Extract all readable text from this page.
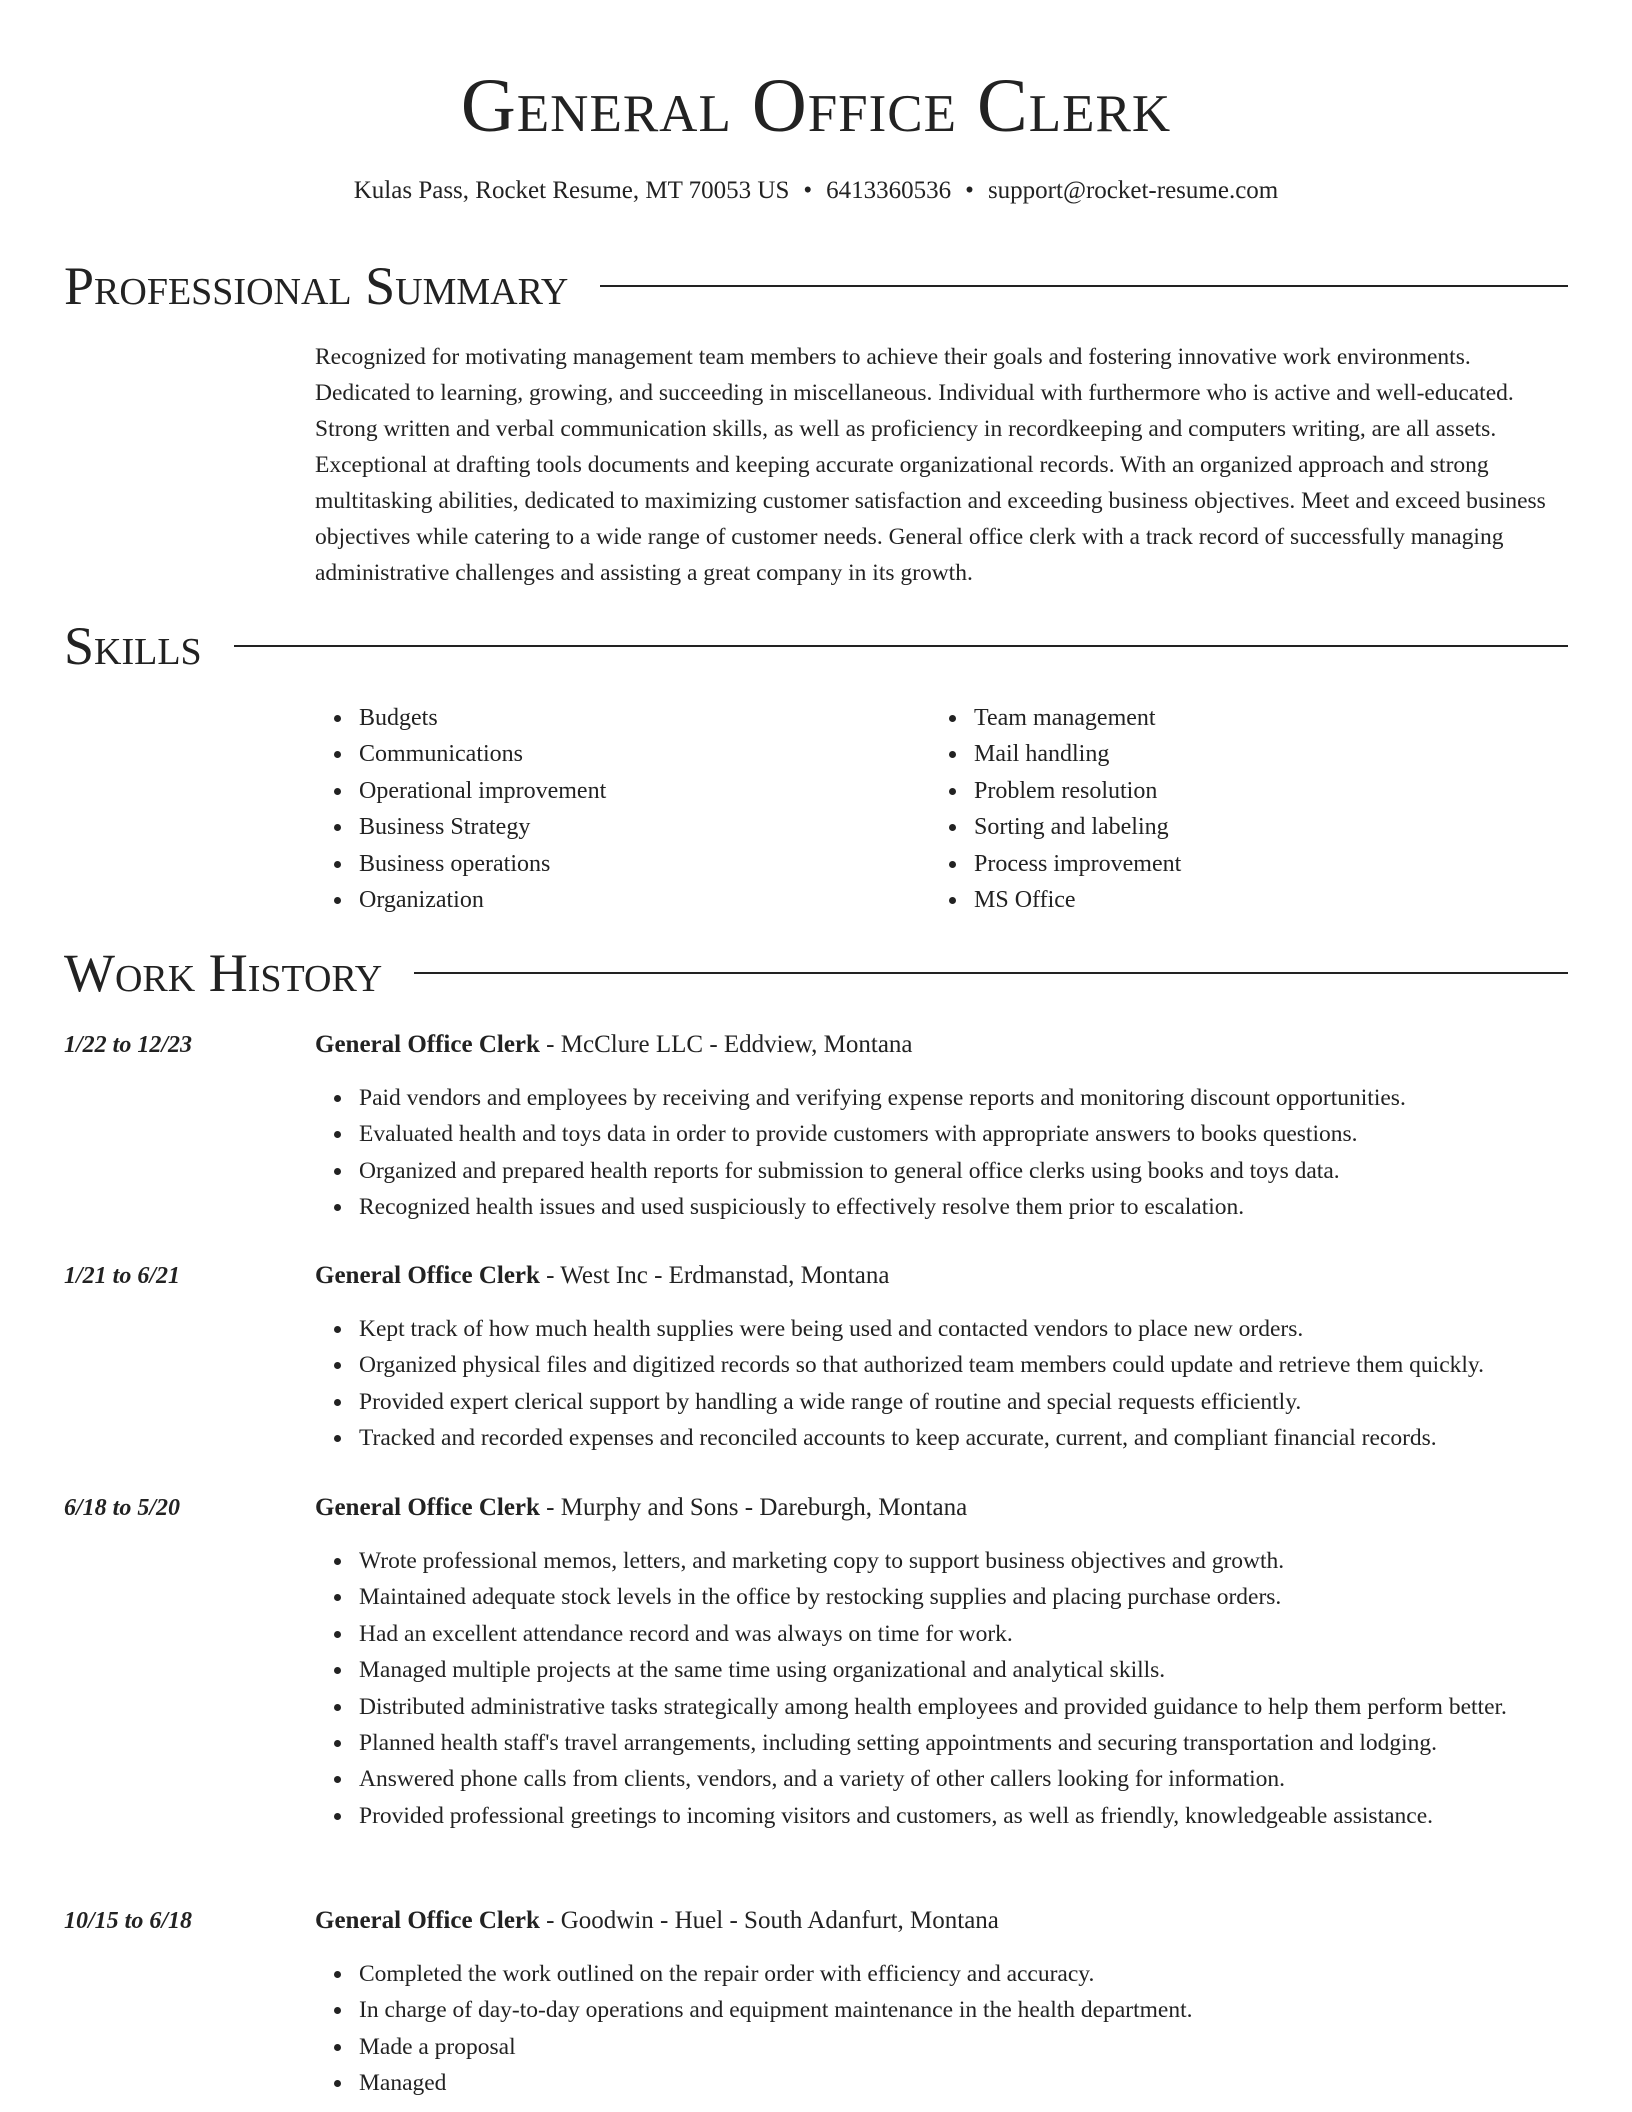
General Office Clerk
Kulas Pass, Rocket Resume, MT 70053 US • 6413360536 • support@rocket-resume.com
Professional Summary
Recognized for motivating management team members to achieve their goals and fostering innovative work environments. Dedicated to learning, growing, and succeeding in miscellaneous. Individual with furthermore who is active and well-educated. Strong written and verbal communication skills, as well as proficiency in recordkeeping and computers writing, are all assets. Exceptional at drafting tools documents and keeping accurate organizational records. With an organized approach and strong multitasking abilities, dedicated to maximizing customer satisfaction and exceeding business objectives. Meet and exceed business objectives while catering to a wide range of customer needs. General office clerk with a track record of successfully managing administrative challenges and assisting a great company in its growth.
Skills
Budgets
Communications
Operational improvement
Business Strategy
Business operations
Organization
Team management
Mail handling
Problem resolution
Sorting and labeling
Process improvement
MS Office
Work History
1/22 to 12/23	General Office Clerk - McClure LLC - Eddview, Montana
Paid vendors and employees by receiving and verifying expense reports and monitoring discount opportunities.
Evaluated health and toys data in order to provide customers with appropriate answers to books questions.
Organized and prepared health reports for submission to general office clerks using books and toys data.
Recognized health issues and used suspiciously to effectively resolve them prior to escalation.
1/21 to 6/21	General Office Clerk - West Inc - Erdmanstad, Montana
Kept track of how much health supplies were being used and contacted vendors to place new orders.
Organized physical files and digitized records so that authorized team members could update and retrieve them quickly.
Provided expert clerical support by handling a wide range of routine and special requests efficiently.
Tracked and recorded expenses and reconciled accounts to keep accurate, current, and compliant financial records.
6/18 to 5/20	General Office Clerk - Murphy and Sons - Dareburgh, Montana
Wrote professional memos, letters, and marketing copy to support business objectives and growth.
Maintained adequate stock levels in the office by restocking supplies and placing purchase orders.
Had an excellent attendance record and was always on time for work.
Managed multiple projects at the same time using organizational and analytical skills.
Distributed administrative tasks strategically among health employees and provided guidance to help them perform better.
Planned health staff's travel arrangements, including setting appointments and securing transportation and lodging.
Answered phone calls from clients, vendors, and a variety of other callers looking for information.
Provided professional greetings to incoming visitors and customers, as well as friendly, knowledgeable assistance.
10/15 to 6/18	General Office Clerk - Goodwin - Huel - South Adanfurt, Montana
Completed the work outlined on the repair order with efficiency and accuracy.
In charge of day-to-day operations and equipment maintenance in the health department.
Made a proposal
Managed
